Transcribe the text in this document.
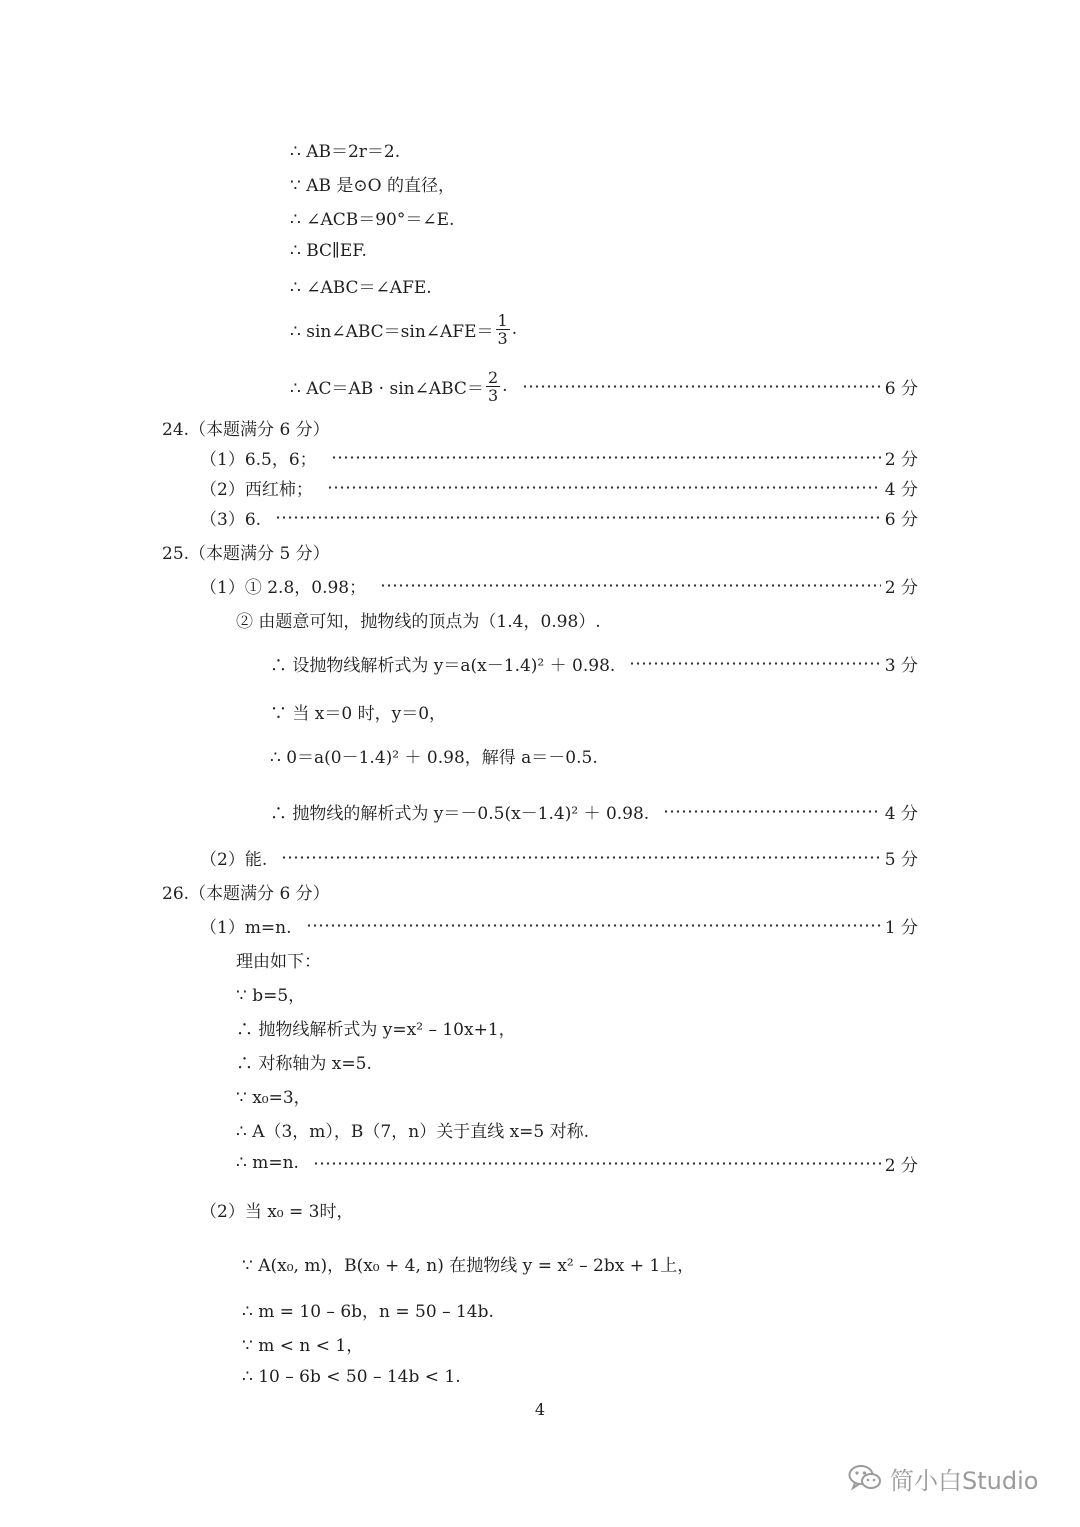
∴ AB＝2r＝2.
∵ AB 是⊙O 的直径，
∴ ∠ACB＝90°＝∠E.
∴ BC∥EF.
∴ ∠ABC＝∠AFE.
∴ sin∠ABC＝sin∠AFE＝ $\frac{1}{3}$ .
∴ AC＝AB · sin∠ABC＝ $\frac{2}{3}$ .	6 分
24.（本题满分 6 分）
（1）6.5，6；	2 分
（2）西红柿；	4 分
（3）6.	6 分
25.（本题满分 5 分）
（1）① 2.8，0.98；	2 分
② 由题意可知，抛物线的顶点为（1.4，0.98）.
∴ 设抛物线解析式为 y＝a(x－1.4)² ＋ 0.98.	3 分
∵ 当 x＝0 时，y＝0，
∴ 0＝a(0－1.4)² ＋ 0.98，解得 a＝－0.5.
∴ 抛物线的解析式为 y＝－0.5(x－1.4)² ＋ 0.98.	4 分
（2）能.	5 分
26.（本题满分 6 分）
（1）m=n.	1 分
理由如下：
∵ b=5，
∴ 抛物线解析式为 y=x² – 10x+1，
∴ 对称轴为 x=5.
∵ x₀=3，
∴ A（3，m），B（7，n）关于直线 x=5 对称.
∴ m=n.	2 分
（2）当 x₀ = 3时，
∵ A(x₀, m)，B(x₀ + 4, n) 在抛物线 y = x² – 2bx + 1上，
∴ m = 10 – 6b，n = 50 – 14b.
∵ m < n < 1，
∴ 10 – 6b < 50 – 14b < 1.
4
简小白Studio
